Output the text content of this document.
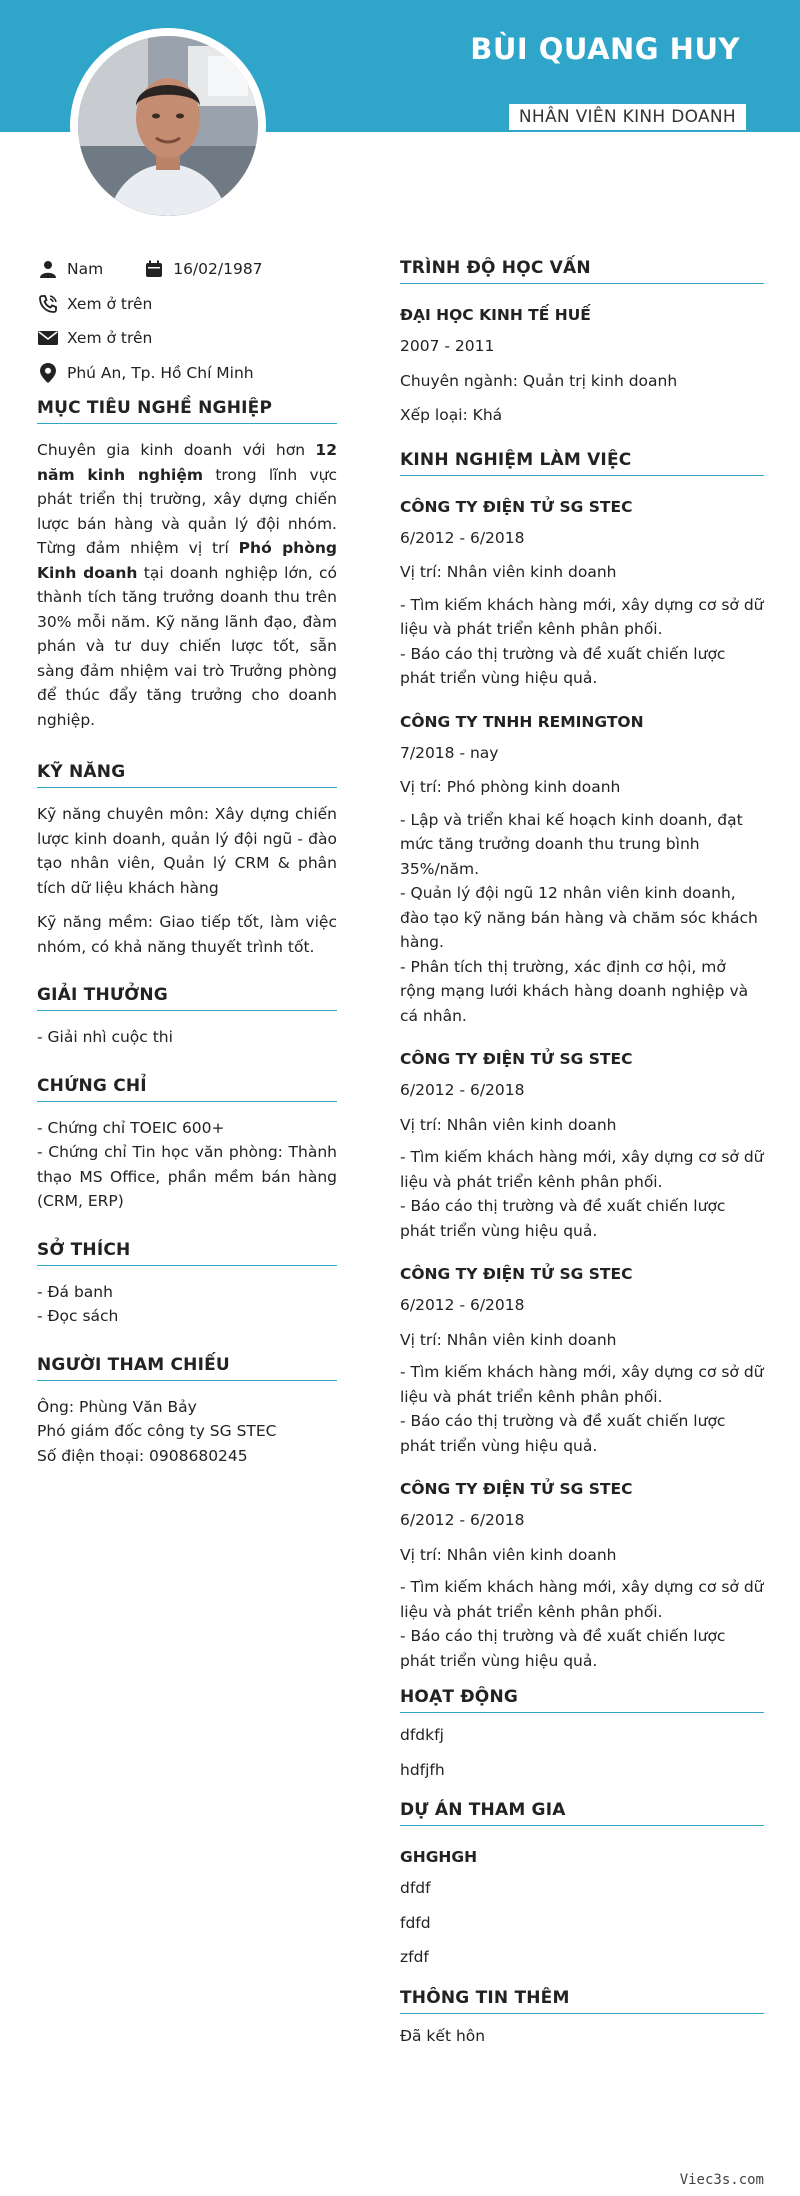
BÙI QUANG HUY
NHÂN VIÊN KINH DOANH
Nam	16/02/1987
Xem ở trên
Xem ở trên
Phú An, Tp. Hồ Chí Minh
MỤC TIÊU NGHỀ NGHIỆP
Chuyên gia kinh doanh với hơn 12 năm kinh nghiệm trong lĩnh vực phát triển thị trường, xây dựng chiến lược bán hàng và quản lý đội nhóm. Từng đảm nhiệm vị trí Phó phòng Kinh doanh tại doanh nghiệp lớn, có thành tích tăng trưởng doanh thu trên 30% mỗi năm. Kỹ năng lãnh đạo, đàm phán và tư duy chiến lược tốt, sẵn sàng đảm nhiệm vai trò Trưởng phòng để thúc đẩy tăng trưởng cho doanh nghiệp.
KỸ NĂNG
Kỹ năng chuyên môn: Xây dựng chiến lược kinh doanh, quản lý đội ngũ - đào tạo nhân viên, Quản lý CRM & phân tích dữ liệu khách hàng
Kỹ năng mềm: Giao tiếp tốt, làm việc nhóm, có khả năng thuyết trình tốt.
GIẢI THƯỞNG
- Giải nhì cuộc thi
CHỨNG CHỈ
- Chứng chỉ TOEIC 600+
- Chứng chỉ Tin học văn phòng: Thành thạo MS Office, phần mềm bán hàng (CRM, ERP)
SỞ THÍCH
- Đá banh
- Đọc sách
NGƯỜI THAM CHIẾU
Ông: Phùng Văn Bảy
Phó giám đốc công ty SG STEC
Số điện thoại: 0908680245
TRÌNH ĐỘ HỌC VẤN
ĐẠI HỌC KINH TẾ HUẾ
2007 - 2011
Chuyên ngành: Quản trị kinh doanh
Xếp loại: Khá
KINH NGHIỆM LÀM VIỆC
CÔNG TY ĐIỆN TỬ SG STEC
6/2012 - 6/2018
Vị trí: Nhân viên kinh doanh
- Tìm kiếm khách hàng mới, xây dựng cơ sở dữ liệu và phát triển kênh phân phối.
- Báo cáo thị trường và đề xuất chiến lược phát triển vùng hiệu quả.
CÔNG TY TNHH REMINGTON
7/2018 - nay
Vị trí: Phó phòng kinh doanh
- Lập và triển khai kế hoạch kinh doanh, đạt mức tăng trưởng doanh thu trung bình 35%/năm.
- Quản lý đội ngũ 12 nhân viên kinh doanh, đào tạo kỹ năng bán hàng và chăm sóc khách hàng.
- Phân tích thị trường, xác định cơ hội, mở rộng mạng lưới khách hàng doanh nghiệp và cá nhân.
CÔNG TY ĐIỆN TỬ SG STEC
6/2012 - 6/2018
Vị trí: Nhân viên kinh doanh
- Tìm kiếm khách hàng mới, xây dựng cơ sở dữ liệu và phát triển kênh phân phối.
- Báo cáo thị trường và đề xuất chiến lược phát triển vùng hiệu quả.
CÔNG TY ĐIỆN TỬ SG STEC
6/2012 - 6/2018
Vị trí: Nhân viên kinh doanh
- Tìm kiếm khách hàng mới, xây dựng cơ sở dữ liệu và phát triển kênh phân phối.
- Báo cáo thị trường và đề xuất chiến lược phát triển vùng hiệu quả.
CÔNG TY ĐIỆN TỬ SG STEC
6/2012 - 6/2018
Vị trí: Nhân viên kinh doanh
- Tìm kiếm khách hàng mới, xây dựng cơ sở dữ liệu và phát triển kênh phân phối.
- Báo cáo thị trường và đề xuất chiến lược phát triển vùng hiệu quả.
HOẠT ĐỘNG
dfdkfj
hdfjfh
DỰ ÁN THAM GIA
GHGHGH
dfdf
fdfd
zfdf
THÔNG TIN THÊM
Đã kết hôn
Viec3s.com
